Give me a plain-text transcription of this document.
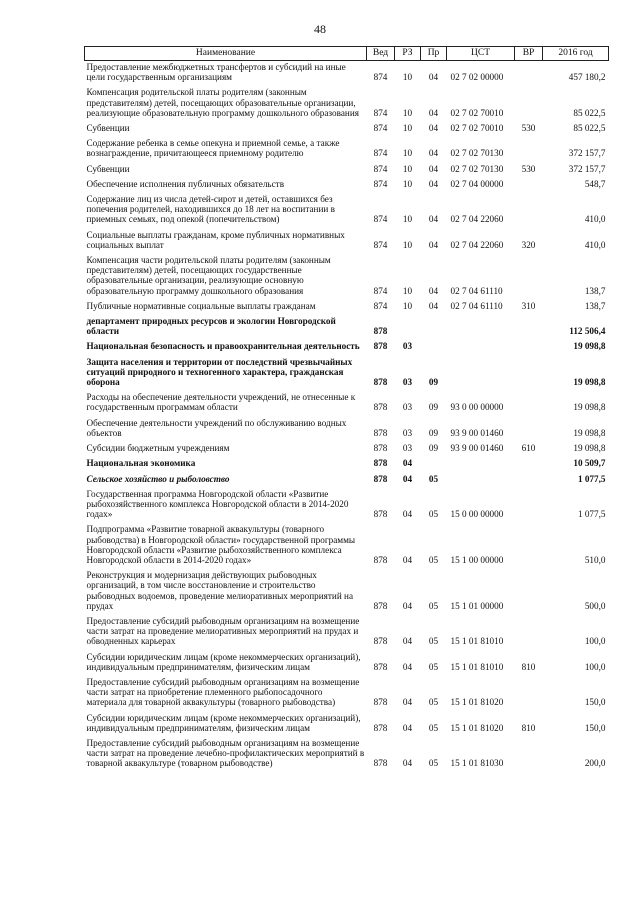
48
Наименование	Вед	РЗ	Пр	ЦСТ	ВР	2016 год
Предоставление межбюджетных трансфертов и субсидий на иные цели государственным организациям	874	10	04	02 7 02 00000		457 180,2
Компенсация родительской платы родителям (законным представителям) детей, посещающих образовательные организации, реализующие образовательную программу дошкольного образования	874	10	04	02 7 02 70010		85 022,5
Субвенции	874	10	04	02 7 02 70010	530	85 022,5
Содержание ребенка в семье опекуна и приемной семье, а также вознаграждение, причитающееся приемному родителю	874	10	04	02 7 02 70130		372 157,7
Субвенции	874	10	04	02 7 02 70130	530	372 157,7
Обеспечение исполнения публичных обязательств	874	10	04	02 7 04 00000		548,7
Содержание лиц из числа детей-сирот и детей, оставшихся без попечения родителей, находившихся до 18 лет на воспитании в приемных семьях, под опекой (попечительством)	874	10	04	02 7 04 22060		410,0
Социальные выплаты гражданам, кроме публичных нормативных социальных выплат	874	10	04	02 7 04 22060	320	410,0
Компенсация части родительской платы родителям (законным представителям) детей, посещающих государственные образовательные организации, реализующие основную образовательную программу дошкольного образования	874	10	04	02 7 04 61110		138,7
Публичные нормативные социальные выплаты гражданам	874	10	04	02 7 04 61110	310	138,7
департамент природных ресурсов и экологии Новгородской области	878					112 506,4
Национальная безопасность и правоохранительная деятельность	878	03				19 098,8
Защита населения и территории от последствий чрезвычайных ситуаций природного и техногенного характера, гражданская оборона	878	03	09			19 098,8
Расходы на обеспечение деятельности учреждений, не отнесенные к государственным программам области	878	03	09	93 0 00 00000		19 098,8
Обеспечение деятельности учреждений по обслуживанию водных объектов	878	03	09	93 9 00 01460		19 098,8
Субсидии бюджетным учреждениям	878	03	09	93 9 00 01460	610	19 098,8
Национальная экономика	878	04				10 509,7
Сельское хозяйство и рыболовство	878	04	05			1 077,5
Государственная программа Новгородской области «Развитие рыбохозяйственного комплекса Новгородской области в 2014-2020 годах»	878	04	05	15 0 00 00000		1 077,5
Подпрограмма «Развитие товарной аквакультуры (товарного рыбоводства) в Новгородской области» государственной программы Новгородской области «Развитие рыбохозяйственного комплекса Новгородской области в 2014-2020 годах»	878	04	05	15 1 00 00000		510,0
Реконструкция и модернизация действующих рыбоводных организаций, в том числе восстановление и строительство рыбоводных водоемов, проведение мелиоративных мероприятий на прудах	878	04	05	15 1 01 00000		500,0
Предоставление субсидий рыбоводным организациям на возмещение части затрат на проведение мелиоративных мероприятий на прудах и обводненных карьерах	878	04	05	15 1 01 81010		100,0
Субсидии юридическим лицам (кроме некоммерческих организаций), индивидуальным предпринимателям, физическим лицам	878	04	05	15 1 01 81010	810	100,0
Предоставление субсидий рыбоводным организациям на возмещение части затрат на приобретение племенного рыбопосадочного материала для товарной аквакультуры (товарного рыбоводства)	878	04	05	15 1 01 81020		150,0
Субсидии юридическим лицам (кроме некоммерческих организаций), индивидуальным предпринимателям, физическим лицам	878	04	05	15 1 01 81020	810	150,0
Предоставление субсидий рыбоводным организациям на возмещение части затрат на проведение лечебно-профилактических мероприятий в товарной аквакультуре (товарном рыбоводстве)	878	04	05	15 1 01 81030		200,0
